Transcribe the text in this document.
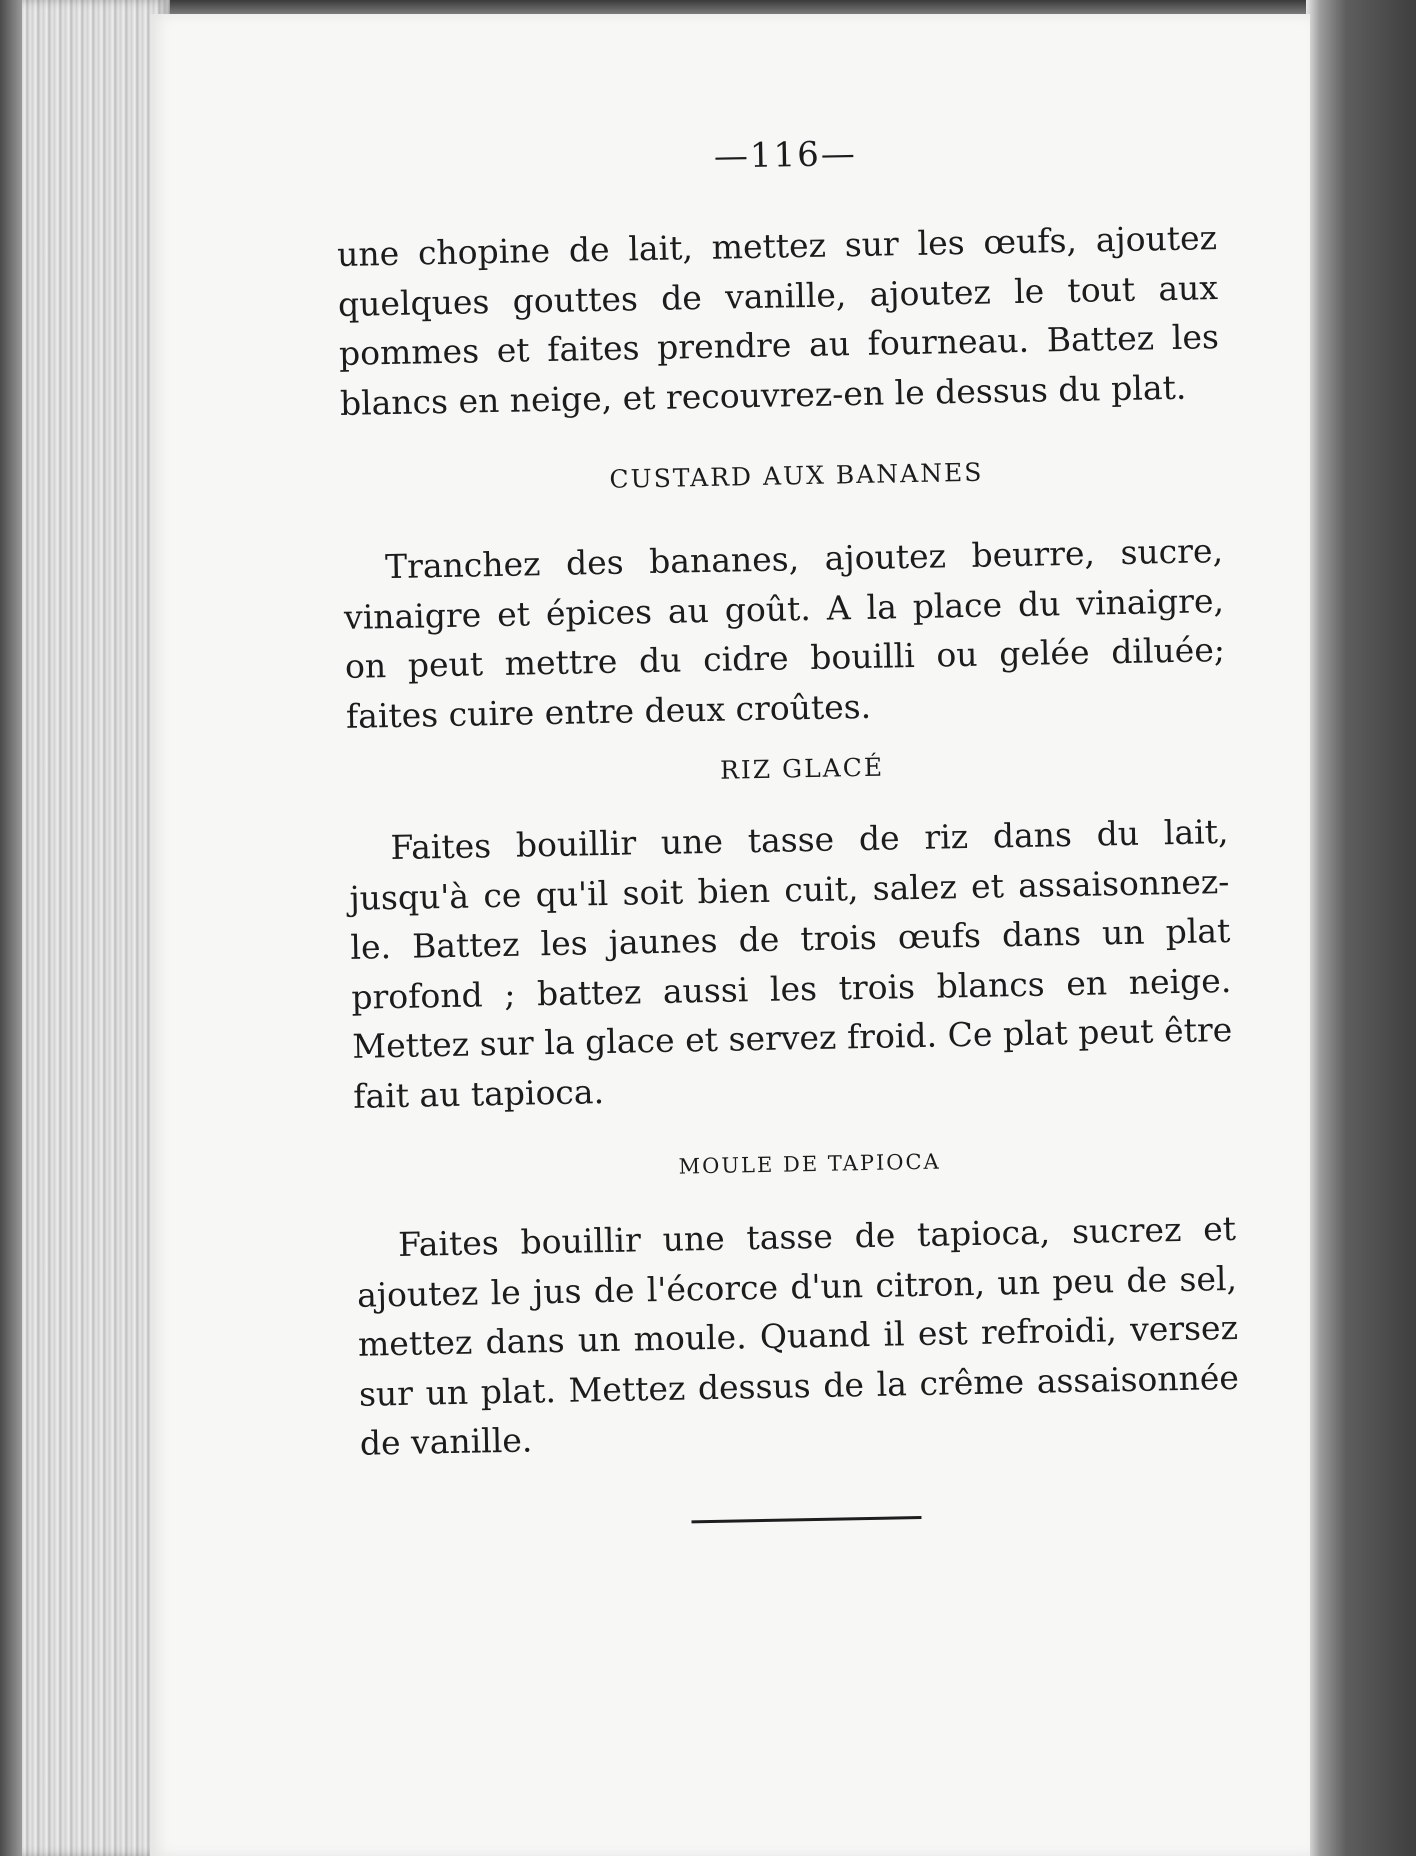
—116—

une chopine de lait, mettez sur les œufs, ajoutez quelques gouttes de vanille, ajoutez le tout aux pommes et faites prendre au fourneau. Battez les blancs en neige, et recouvrez-en le dessus du plat.

CUSTARD AUX BANANES

Tranchez des bananes, ajoutez beurre, sucre, vinaigre et épices au goût. A la place du vinaigre, on peut mettre du cidre bouilli ou gelée diluée; faites cuire entre deux croûtes.

RIZ GLACÉ

Faites bouillir une tasse de riz dans du lait, jusqu'à ce qu'il soit bien cuit, salez et assaisonnez-le. Battez les jaunes de trois œufs dans un plat profond ; battez aussi les trois blancs en neige. Mettez sur la glace et servez froid. Ce plat peut être fait au tapioca.

MOULE DE TAPIOCA

Faites bouillir une tasse de tapioca, sucrez et ajoutez le jus de l'écorce d'un citron, un peu de sel, mettez dans un moule. Quand il est refroidi, versez sur un plat. Mettez dessus de la crême assaisonnée de vanille.
